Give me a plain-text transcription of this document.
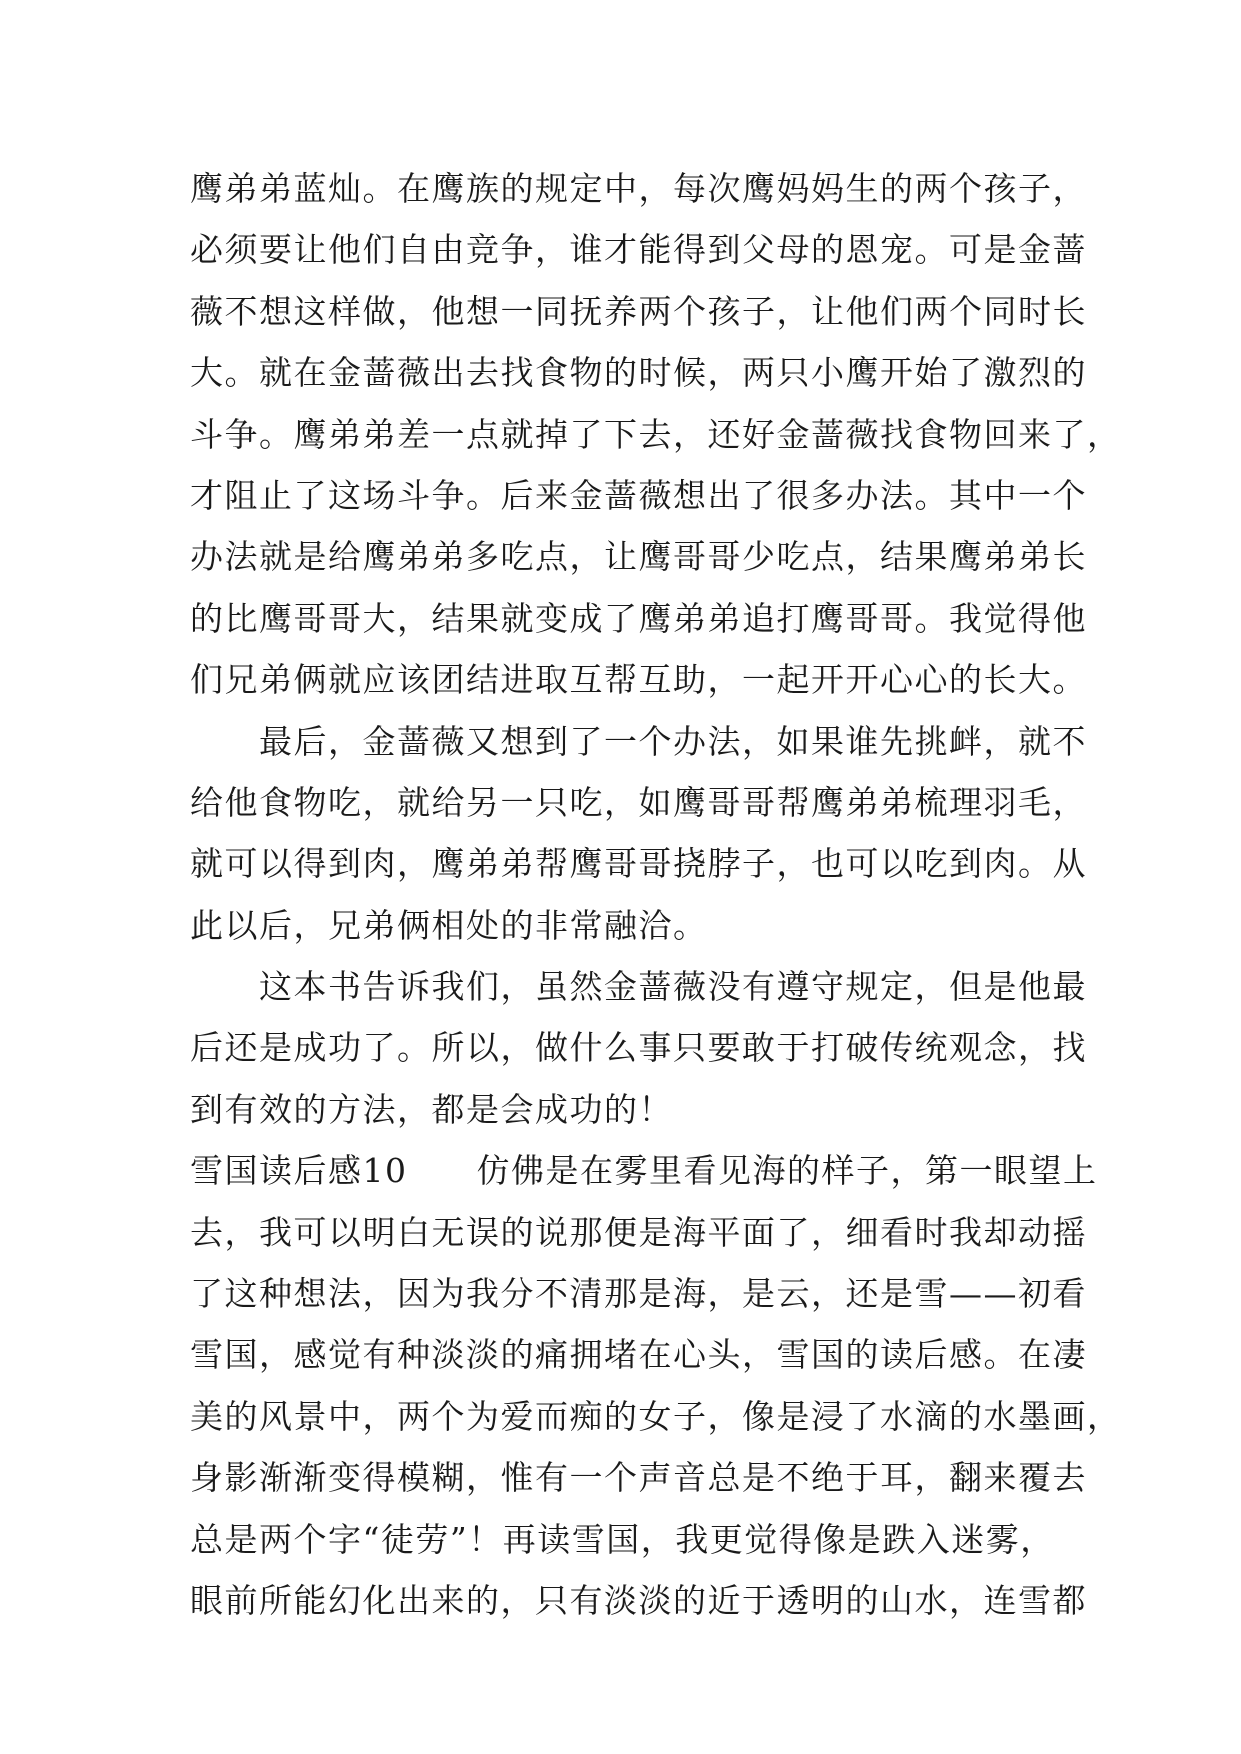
鹰弟弟蓝灿。在鹰族的规定中，每次鹰妈妈生的两个孩子，
必须要让他们自由竞争，谁才能得到父母的恩宠。可是金蔷
薇不想这样做，他想一同抚养两个孩子，让他们两个同时长
大。就在金蔷薇出去找食物的时候，两只小鹰开始了激烈的
斗争。鹰弟弟差一点就掉了下去，还好金蔷薇找食物回来了，
才阻止了这场斗争。后来金蔷薇想出了很多办法。其中一个
办法就是给鹰弟弟多吃点，让鹰哥哥少吃点，结果鹰弟弟长
的比鹰哥哥大，结果就变成了鹰弟弟追打鹰哥哥。我觉得他
们兄弟俩就应该团结进取互帮互助，一起开开心心的长大。
　　最后，金蔷薇又想到了一个办法，如果谁先挑衅，就不
给他食物吃，就给另一只吃，如鹰哥哥帮鹰弟弟梳理羽毛，
就可以得到肉，鹰弟弟帮鹰哥哥挠脖子，也可以吃到肉。从
此以后，兄弟俩相处的非常融洽。
　　这本书告诉我们，虽然金蔷薇没有遵守规定，但是他最
后还是成功了。所以，做什么事只要敢于打破传统观念，找
到有效的方法，都是会成功的！
雪国读后感10　　仿佛是在雾里看见海的样子，第一眼望上
去，我可以明白无误的说那便是海平面了，细看时我却动摇
了这种想法，因为我分不清那是海，是云，还是雪——初看
雪国，感觉有种淡淡的痛拥堵在心头，雪国的读后感。在凄
美的风景中，两个为爱而痴的女子，像是浸了水滴的水墨画，
身影渐渐变得模糊，惟有一个声音总是不绝于耳，翻来覆去
总是两个字“徒劳”！再读雪国，我更觉得像是跌入迷雾，
眼前所能幻化出来的，只有淡淡的近于透明的山水，连雪都
